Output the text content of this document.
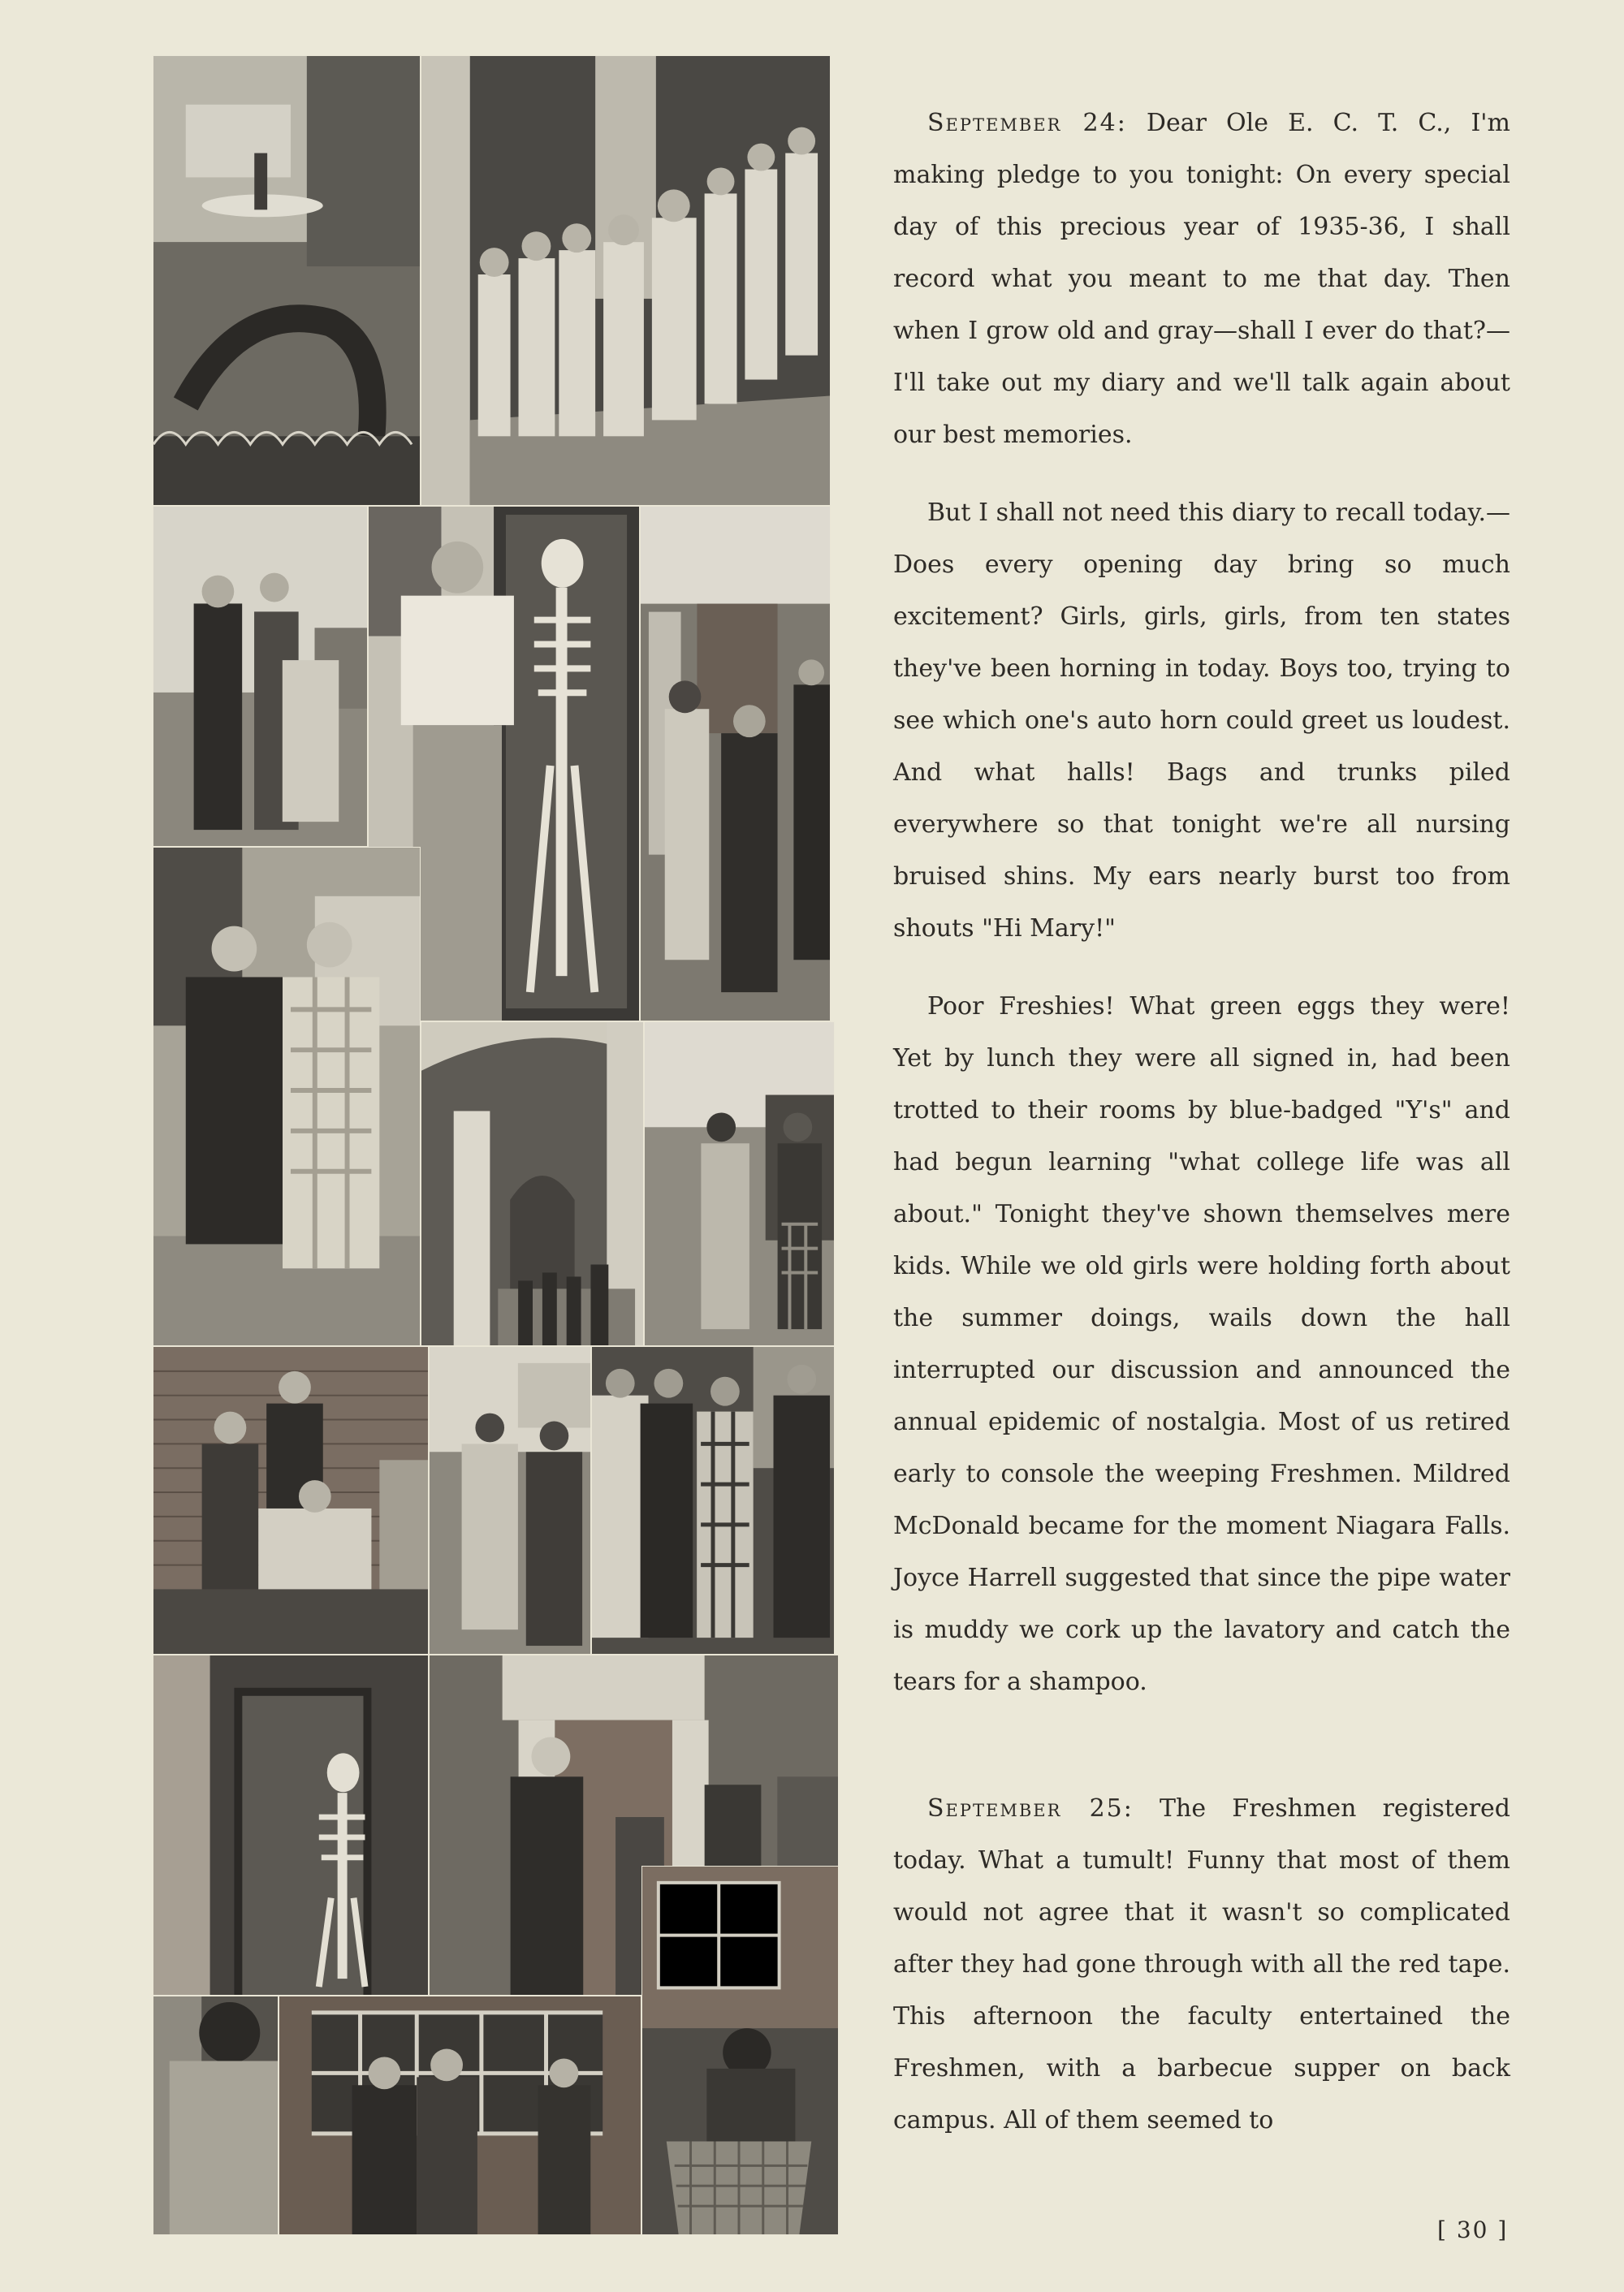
September 24: Dear Ole E. C. T. C., I'm making pledge to you tonight: On every special day of this precious year of 1935-36, I shall record what you meant to me that day. Then when I grow old and gray—shall I ever do that?—I'll take out my diary and we'll talk again about our best memories.

But I shall not need this diary to recall today.—Does every opening day bring so much excitement? Girls, girls, girls, from ten states they've been horning in today. Boys too, trying to see which one's auto horn could greet us loudest. And what halls! Bags and trunks piled everywhere so that tonight we're all nursing bruised shins. My ears nearly burst too from shouts "Hi Mary!"

Poor Freshies! What green eggs they were! Yet by lunch they were all signed in, had been trotted to their rooms by blue-badged "Y's" and had begun learning "what college life was all about." Tonight they've shown themselves mere kids. While we old girls were holding forth about the summer doings, wails down the hall interrupted our discussion and announced the annual epidemic of nostalgia. Most of us retired early to console the weeping Freshmen. Mildred McDonald became for the moment Niagara Falls. Joyce Harrell suggested that since the pipe water is muddy we cork up the lavatory and catch the tears for a shampoo.

September 25: The Freshmen registered today. What a tumult! Funny that most of them would not agree that it wasn't so complicated after they had gone through with all the red tape. This afternoon the faculty entertained the Freshmen, with a barbecue supper on back campus. All of them seemed to

[ 30 ]
